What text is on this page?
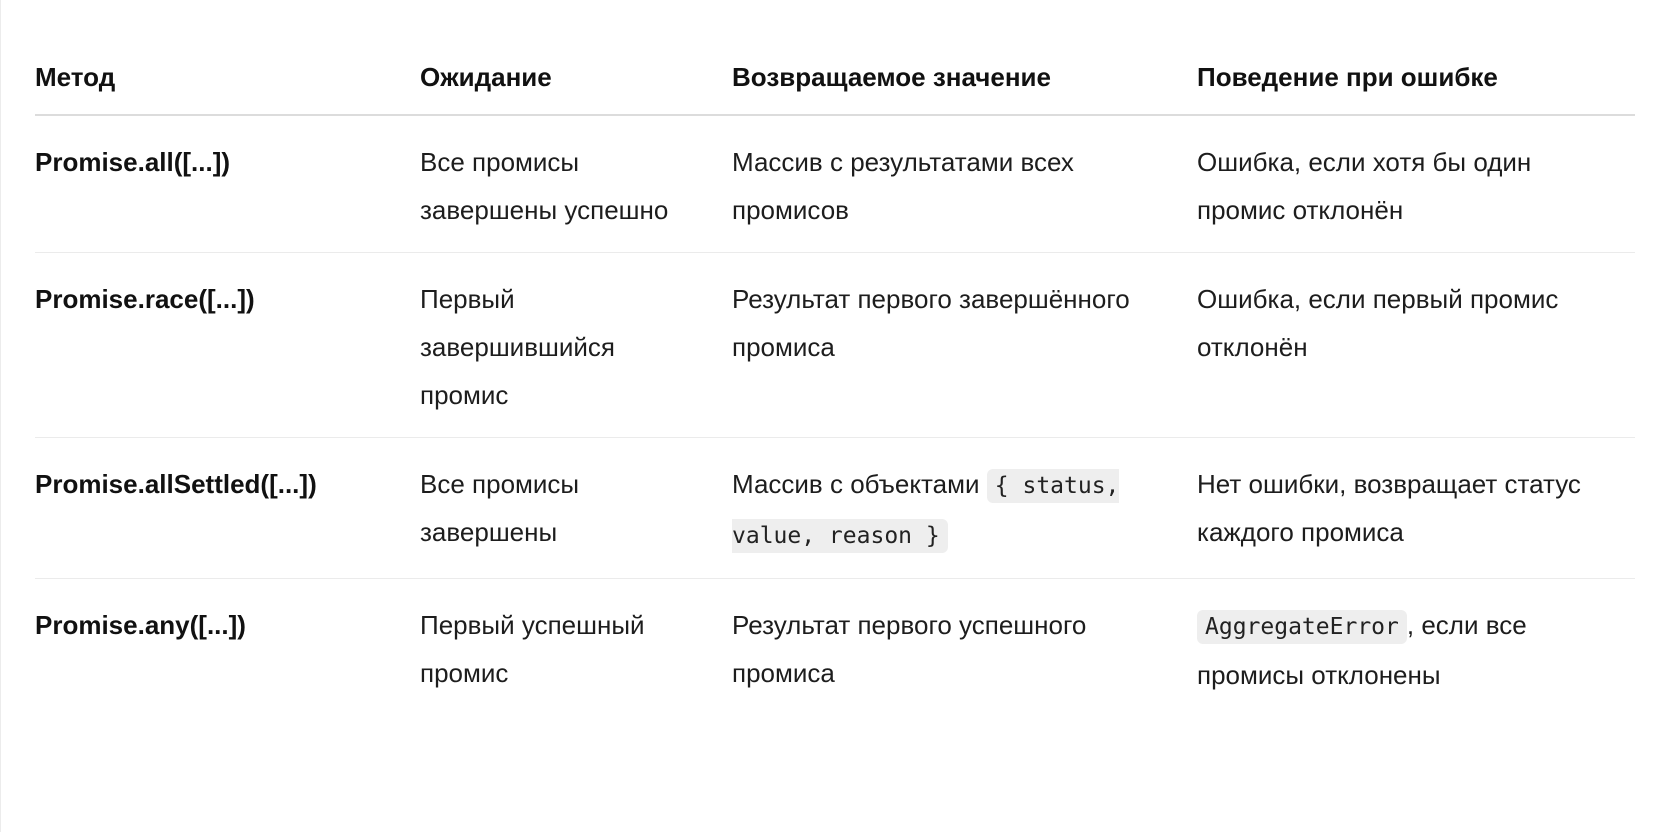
Метод	Ожидание	Возвращаемое значение	Поведение при ошибке
Promise.all([...])	Все промисы завершены успешно	Массив с результатами всех промисов	Ошибка, если хотя бы один промис отклонён
Promise.race([...])	Первый завершившийся промис	Результат первого завершённого промиса	Ошибка, если первый промис отклонён
Promise.allSettled([...])	Все промисы завершены	Массив с объектами { status, value, reason }	Нет ошибки, возвращает статус каждого промиса
Promise.any([...])	Первый успешный промис	Результат первого успешного промиса	AggregateError , если все промисы отклонены
